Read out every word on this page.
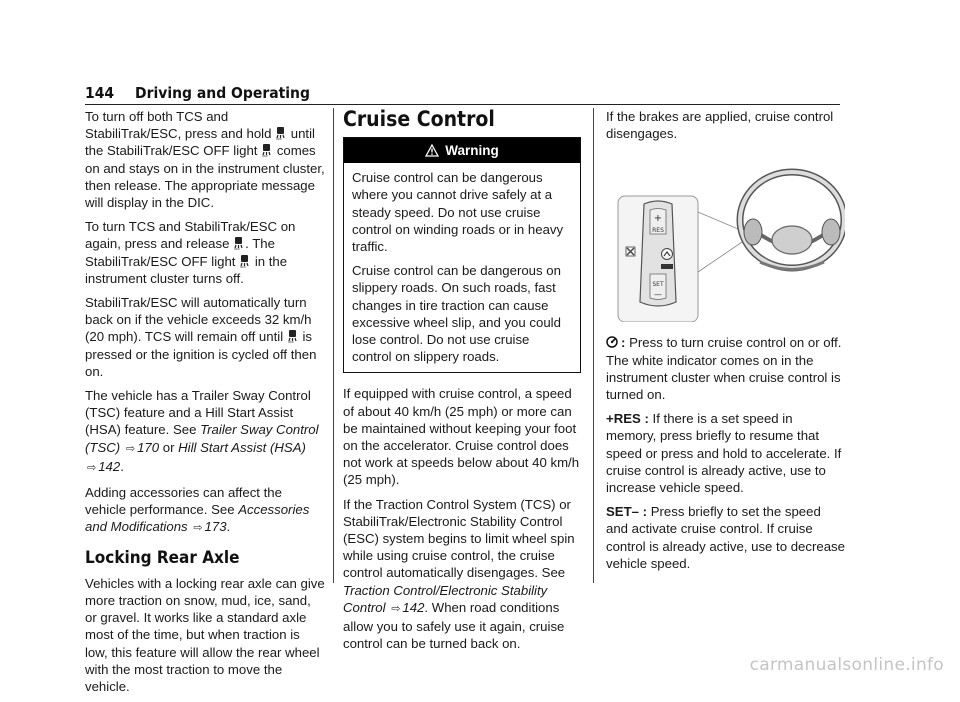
144 Driving and Operating

To turn off both TCS and StabiliTrak/ESC, press and hold OFF until the StabiliTrak/ESC OFF light OFF comes on and stays on in the instrument cluster, then release. The appropriate message will display in the DIC.

To turn TCS and StabiliTrak/ESC on again, press and release OFF . The StabiliTrak/ESC OFF light OFF in the instrument cluster turns off.

StabiliTrak/ESC will automatically turn back on if the vehicle exceeds 32 km/h (20 mph). TCS will remain off until OFF is pressed or the ignition is cycled off then on.

The vehicle has a Trailer Sway Control (TSC) feature and a Hill Start Assist (HSA) feature. See Trailer Sway Control (TSC) ⇨ 170 or Hill Start Assist (HSA) ⇨ 142.

Adding accessories can affect the vehicle performance. See Accessories and Modifications ⇨ 173.

Locking Rear Axle

Vehicles with a locking rear axle can give more traction on snow, mud, ice, sand, or gravel. It works like a standard axle most of the time, but when traction is low, this feature will allow the rear wheel with the most traction to move the vehicle.

Cruise Control
Warning

Cruise control can be dangerous where you cannot drive safely at a steady speed. Do not use cruise control on winding roads or in heavy traffic.

Cruise control can be dangerous on slippery roads. On such roads, fast changes in tire traction can cause excessive wheel slip, and you could lose control. Do not use cruise control on slippery roads.

If equipped with cruise control, a speed of about 40 km/h (25 mph) or more can be maintained without keeping your foot on the accelerator. Cruise control does not work at speeds below about 40 km/h (25 mph).

If the Traction Control System (TCS) or StabiliTrak/Electronic Stability Control (ESC) system begins to limit wheel spin while using cruise control, the cruise control automatically disengages. See Traction Control/Electronic Stability Control ⇨ 142. When road conditions allow you to safely use it again, cruise control can be turned back on.

If the brakes are applied, cruise control disengages.

+
RES
SET
—

: Press to turn cruise control on or off. The white indicator comes on in the instrument cluster when cruise control is turned on.

+RES : If there is a set speed in memory, press briefly to resume that speed or press and hold to accelerate. If cruise control is already active, use to increase vehicle speed.

SET– : Press briefly to set the speed and activate cruise control. If cruise control is already active, use to decrease vehicle speed.

carmanualsonline.info
